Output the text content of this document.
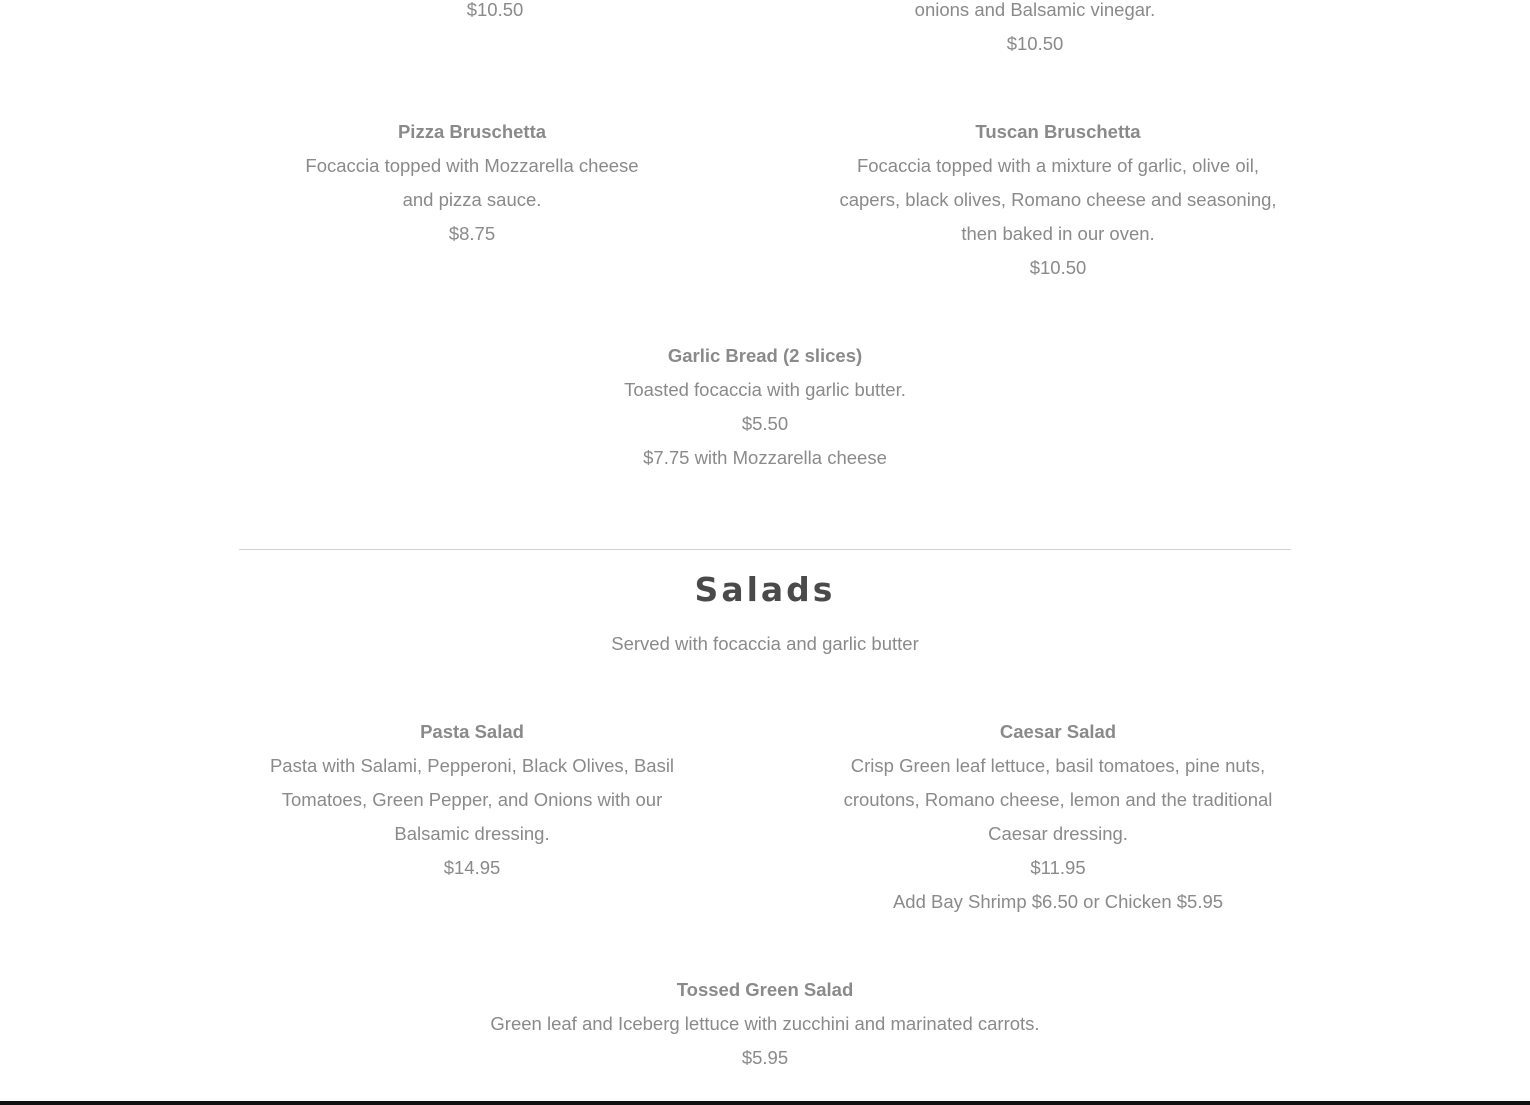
$10.50	onions and Balsamic vinegar.
$10.50
Pizza Bruschetta
Focaccia topped with Mozzarella cheese
and pizza sauce.
$8.75
Tuscan Bruschetta
Focaccia topped with a mixture of garlic, olive oil,
capers, black olives, Romano cheese and seasoning,
then baked in our oven.
$10.50
Garlic Bread (2 slices)
Toasted focaccia with garlic butter.
$5.50
$7.75 with Mozzarella cheese
Salads
Served with focaccia and garlic butter
Pasta Salad
Pasta with Salami, Pepperoni, Black Olives, Basil
Tomatoes, Green Pepper, and Onions with our
Balsamic dressing.
$14.95
Caesar Salad
Crisp Green leaf lettuce, basil tomatoes, pine nuts,
croutons, Romano cheese, lemon and the traditional
Caesar dressing.
$11.95
Add Bay Shrimp $6.50 or Chicken $5.95
Tossed Green Salad
Green leaf and Iceberg lettuce with zucchini and marinated carrots.
$5.95
